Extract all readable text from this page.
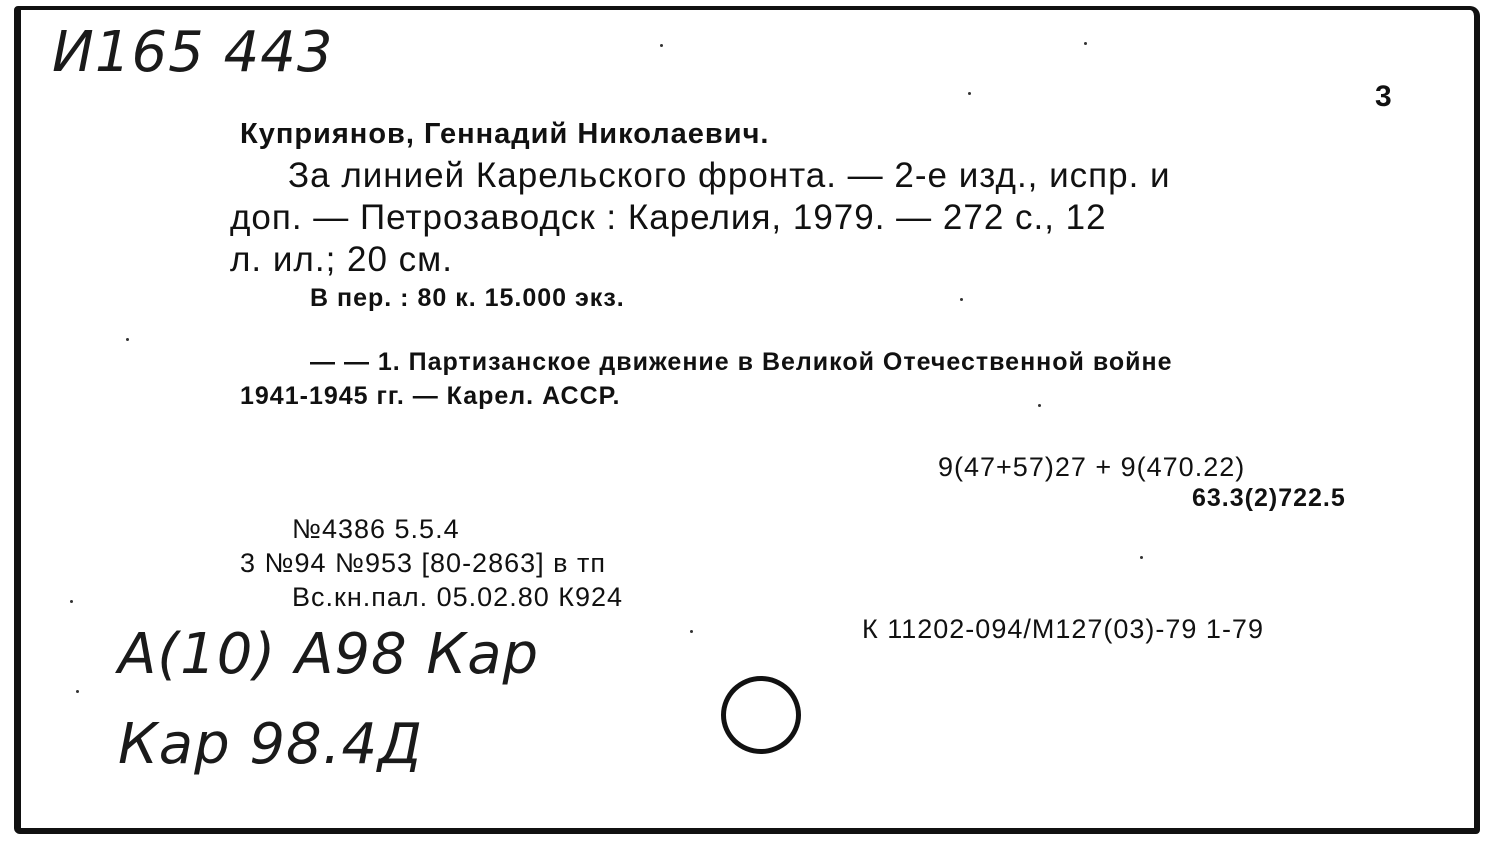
И165 443
3
Куприянов, Геннадий Николаевич.
За линией Карельского фронта. — 2-е изд., испр. и
доп. — Петрозаводск : Карелия, 1979. — 272 с., 12
л. ил.; 20 см.
В пер. : 80 к. 15.000 экз.
— — 1. Партизанское движение в Великой Отечественной войне
1941-1945 гг. — Карел. АССР.
9(47+57)27 + 9(470.22)
63.3(2)722.5
№4386 5.5.4
3 №94 №953 [80-2863] в тп
Вс.кн.пал. 05.02.80 К924
К 11202-094/М127(03)-79 1-79
А(10) А98 Кар
Кар 98.4Д
